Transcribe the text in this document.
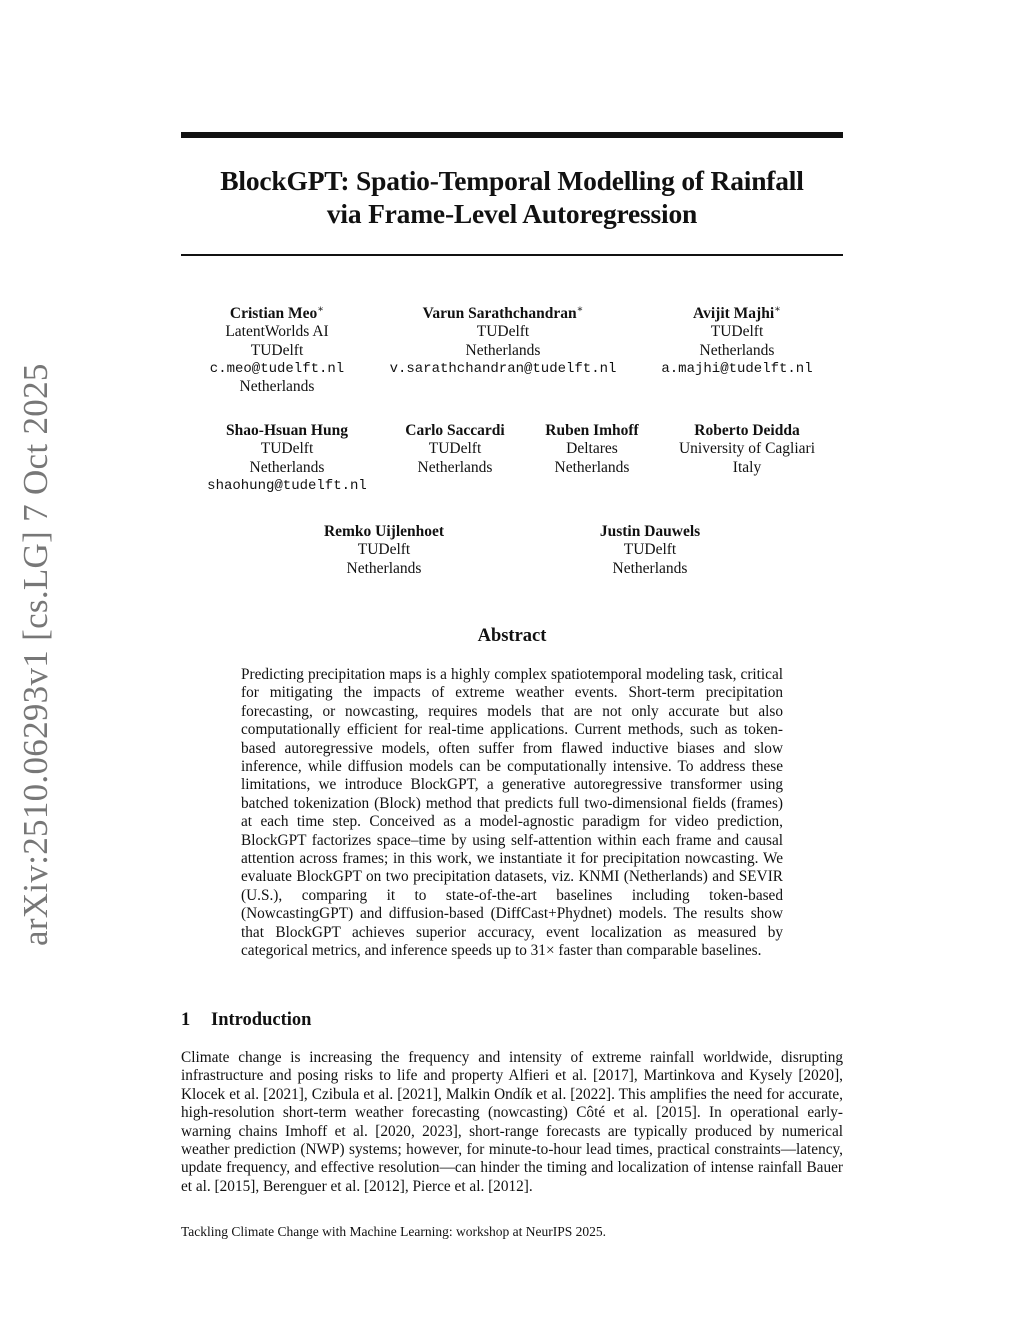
arXiv:2510.06293v1 [cs.LG] 7 Oct 2025
BlockGPT: Spatio-Temporal Modelling of Rainfall
via Frame-Level Autoregression
Cristian Meo∗
LatentWorlds AI
TUDelft
c.meo@tudelft.nl
Netherlands
Varun Sarathchandran∗
TUDelft
Netherlands
v.sarathchandran@tudelft.nl
Avijit Majhi∗
TUDelft
Netherlands
a.majhi@tudelft.nl
Shao-Hsuan Hung
TUDelft
Netherlands
shaohung@tudelft.nl
Carlo Saccardi
TUDelft
Netherlands
Ruben Imhoff
Deltares
Netherlands
Roberto Deidda
University of Cagliari
Italy
Remko Uijlenhoet
TUDelft
Netherlands
Justin Dauwels
TUDelft
Netherlands
Abstract
Predicting precipitation maps is a highly complex spatiotemporal modeling task, critical for mitigating the impacts of extreme weather events. Short-term precipitation forecasting, or nowcasting, requires models that are not only accurate but also computationally efficient for real-time applications. Current methods, such as token-based autoregressive models, often suffer from flawed inductive biases and slow inference, while diffusion models can be computationally intensive. To address these limitations, we introduce BlockGPT, a generative autoregressive transformer using batched tokenization (Block) method that predicts full two-dimensional fields (frames) at each time step. Conceived as a model-agnostic paradigm for video prediction, BlockGPT factorizes space–time by using self-attention within each frame and causal attention across frames; in this work, we instantiate it for precipitation nowcasting. We evaluate BlockGPT on two precipitation datasets, viz. KNMI (Netherlands) and SEVIR (U.S.), comparing it to state-of-the-art baselines including token-based (NowcastingGPT) and diffusion-based (DiffCast+Phydnet) models. The results show that BlockGPT achieves superior accuracy, event localization as measured by categorical metrics, and inference speeds up to 31× faster than comparable baselines.
1 Introduction
Climate change is increasing the frequency and intensity of extreme rainfall worldwide, disrupting infrastructure and posing risks to life and property Alfieri et al. [2017], Martinkova and Kysely [2020], Klocek et al. [2021], Czibula et al. [2021], Malkin Ondík et al. [2022]. This amplifies the need for accurate, high-resolution short-term weather forecasting (nowcasting) Côté et al. [2015]. In operational early-warning chains Imhoff et al. [2020, 2023], short-range forecasts are typically produced by numerical weather prediction (NWP) systems; however, for minute-to-hour lead times, practical constraints—latency, update frequency, and effective resolution—can hinder the timing and localization of intense rainfall Bauer et al. [2015], Berenguer et al. [2012], Pierce et al. [2012].
Tackling Climate Change with Machine Learning: workshop at NeurIPS 2025.
